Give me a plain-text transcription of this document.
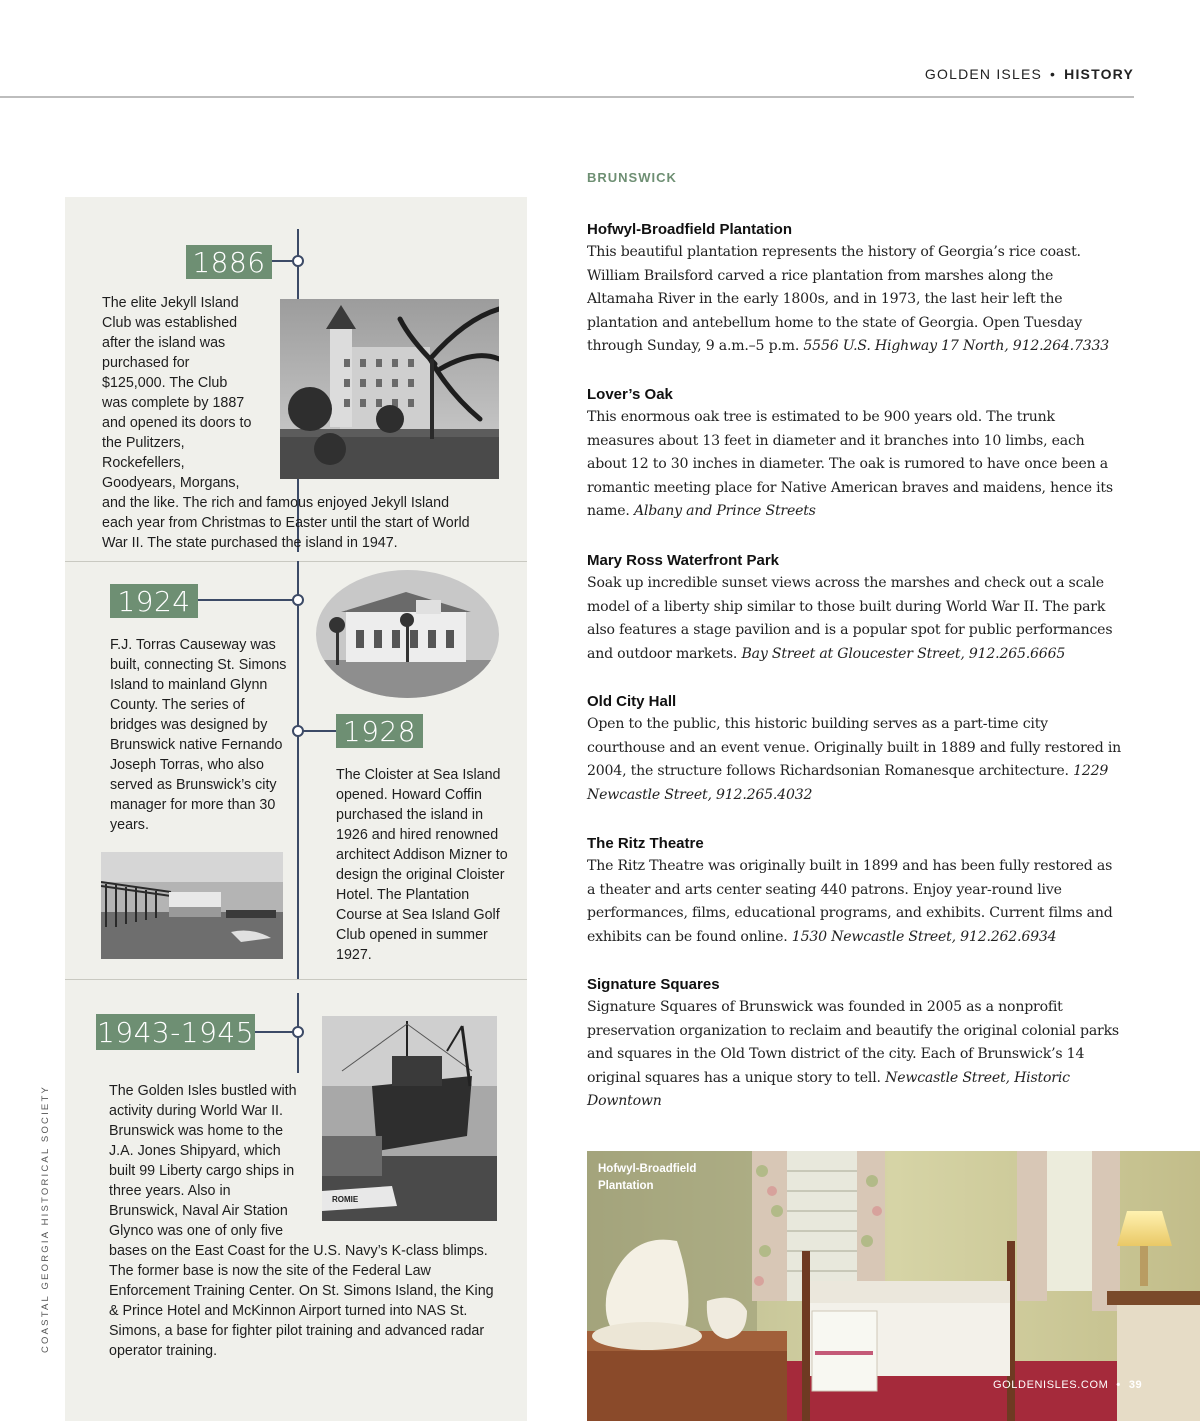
GOLDEN ISLES • HISTORY
COASTAL GEORGIA HISTORICAL SOCIETY
1886
The elite Jekyll Island Club was established after the island was purchased for $125,000. The Club was complete by 1887 and opened its doors to the Pulitzers, Rockefellers, Goodyears, Morgans, and the like. The rich and famous enjoyed Jekyll Island each year from Christmas to Easter until the start of World War II. The state purchased the island in 1947.
1924
F.J. Torras Causeway was built, connecting St. Simons Island to mainland Glynn County. The series of bridges was designed by Brunswick native Fernando Joseph Torras, who also served as Brunswick’s city manager for more than 30 years.
1928
The Cloister at Sea Island opened. Howard Coffin purchased the island in 1926 and hired renowned architect Addison Mizner to design the original Cloister Hotel. The Plantation Course at Sea Island Golf Club opened in summer 1927.
1943-1945
ROMIE
The Golden Isles bustled with activity during World War II. Brunswick was home to the J.A. Jones Shipyard, which built 99 Liberty cargo ships in three years. Also in Brunswick, Naval Air Station Glynco was one of only five bases on the East Coast for the U.S. Navy’s K-class blimps. The former base is now the site of the Federal Law Enforcement Training Center. On St. Simons Island, the King & Prince Hotel and McKinnon Airport turned into NAS St. Simons, a base for fighter pilot training and advanced radar operator training.
BRUNSWICK
Hofwyl-Broadfield Plantation
This beautiful plantation represents the history of Georgia’s rice coast. William Brailsford carved a rice plantation from marshes along the Altamaha River in the early 1800s, and in 1973, the last heir left the plantation and antebellum home to the state of Georgia. Open Tuesday through Sunday, 9 a.m.–5 p.m. 5556 U.S. Highway 17 North, 912.264.7333
Lover’s Oak
This enormous oak tree is estimated to be 900 years old. The trunk measures about 13 feet in diameter and it branches into 10 limbs, each about 12 to 30 inches in diameter. The oak is rumored to have once been a romantic meeting place for Native American braves and maidens, hence its name. Albany and Prince Streets
Mary Ross Waterfront Park
Soak up incredible sunset views across the marshes and check out a scale model of a liberty ship similar to those built during World War II. The park also features a stage pavilion and is a popular spot for public performances and outdoor markets. Bay Street at Gloucester Street, 912.265.6665
Old City Hall
Open to the public, this historic building serves as a part-time city courthouse and an event venue. Originally built in 1889 and fully restored in 2004, the structure follows Richardsonian Romanesque architecture. 1229 Newcastle Street, 912.265.4032
The Ritz Theatre
The Ritz Theatre was originally built in 1899 and has been fully restored as a theater and arts center seating 440 patrons. Enjoy year-round live performances, films, educational programs, and exhibits. Current films and exhibits can be found online. 1530 Newcastle Street, 912.262.6934
Signature Squares
Signature Squares of Brunswick was founded in 2005 as a nonprofit preservation organization to reclaim and beautify the original colonial parks and squares in the Old Town district of the city. Each of Brunswick’s 14 original squares has a unique story to tell. Newcastle Street, Historic Downtown
Hofwyl-Broadfield Plantation
GOLDENISLES.COM • 39
